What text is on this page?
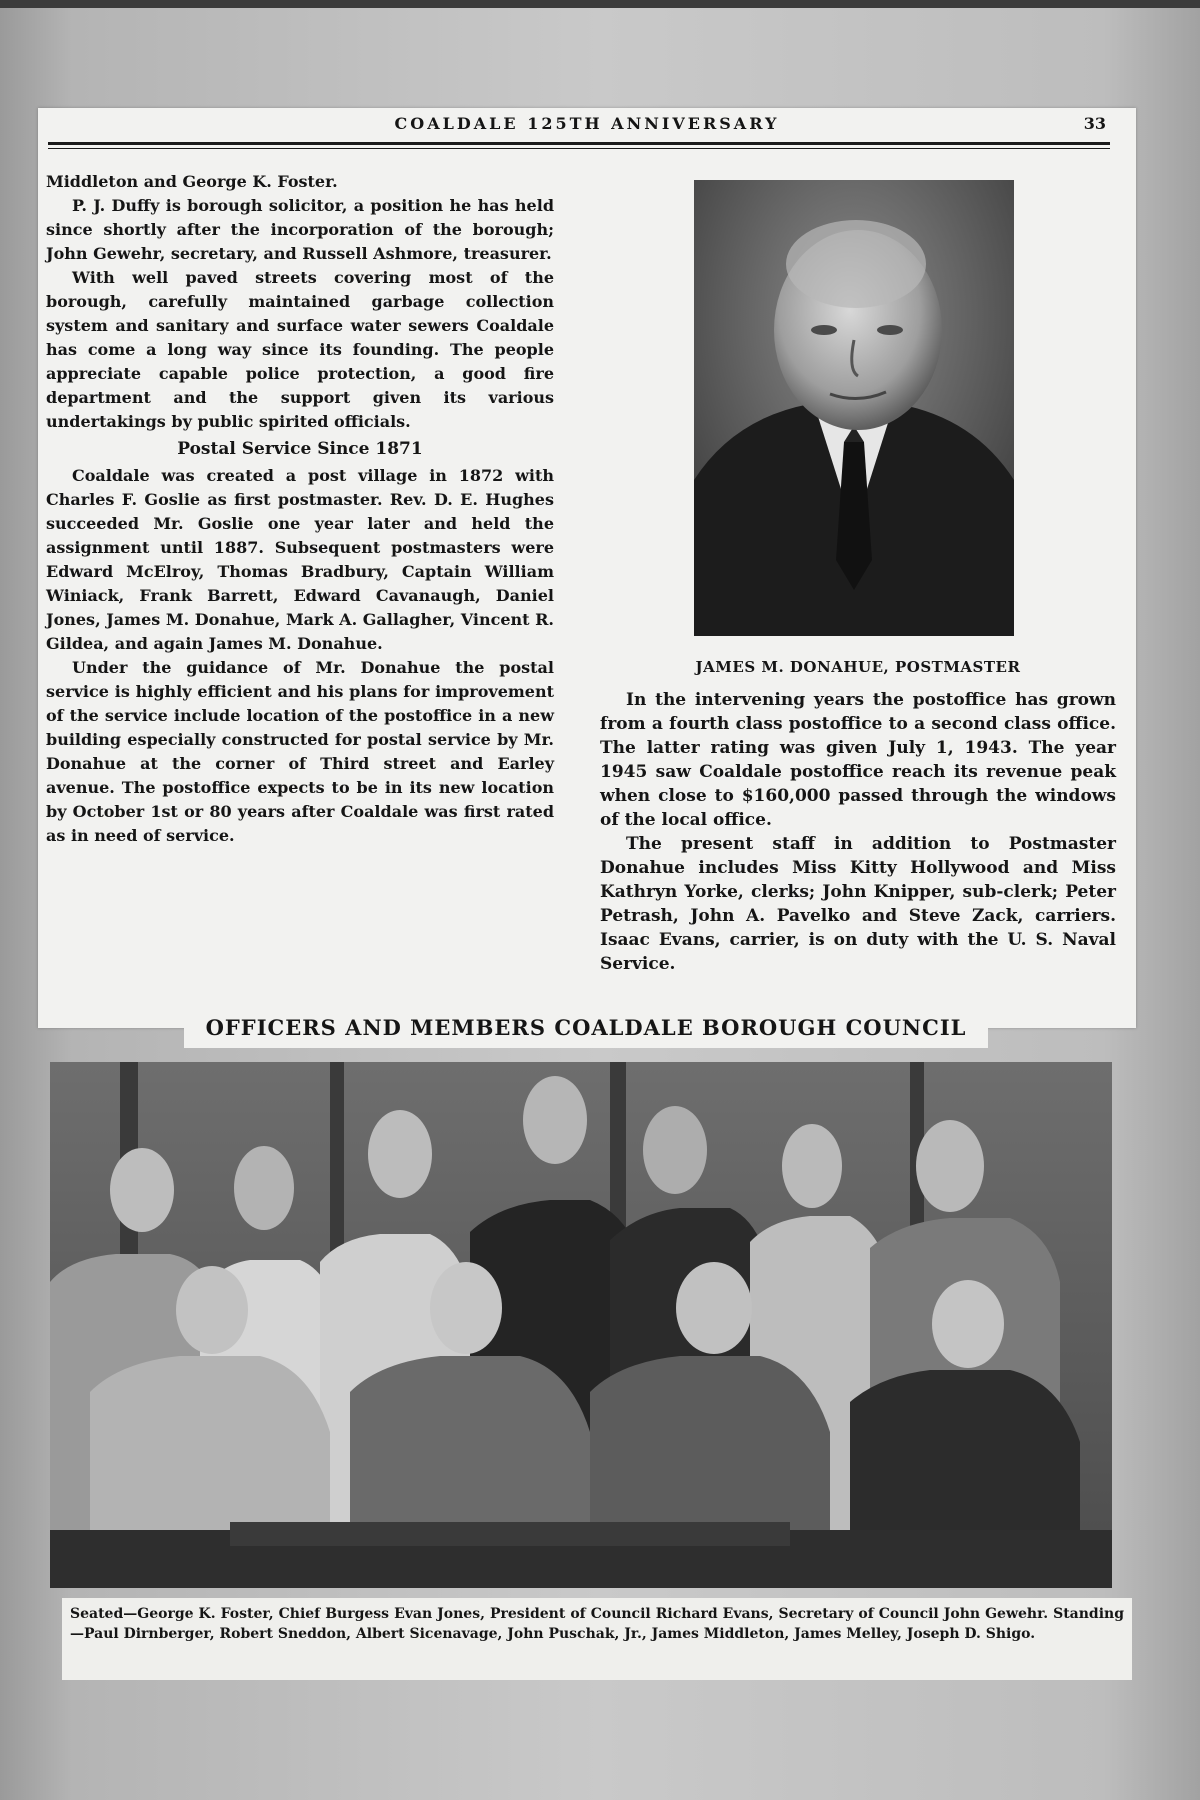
COALDALE 125TH ANNIVERSARY	33

Middleton and George K. Foster.

P. J. Duffy is borough solicitor, a position he has held since shortly after the incorporation of the borough; John Gewehr, secretary, and Russell Ashmore, treasurer.

With well paved streets covering most of the borough, carefully maintained garbage collection system and sanitary and surface water sewers Coaldale has come a long way since its founding. The people appreciate capable police protection, a good fire department and the support given its various undertakings by public spirited officials.

Postal Service Since 1871

Coaldale was created a post village in 1872 with Charles F. Goslie as first postmaster. Rev. D. E. Hughes succeeded Mr. Goslie one year later and held the assignment until 1887. Subsequent postmasters were Edward McElroy, Thomas Bradbury, Captain William Winiack, Frank Barrett, Edward Cavanaugh, Daniel Jones, James M. Donahue, Mark A. Gallagher, Vincent R. Gildea, and again James M. Donahue.

Under the guidance of Mr. Donahue the postal service is highly efficient and his plans for improvement of the service include location of the postoffice in a new building especially constructed for postal service by Mr. Donahue at the corner of Third street and Earley avenue. The postoffice expects to be in its new location by October 1st or 80 years after Coaldale was first rated as in need of service.

JAMES M. DONAHUE, POSTMASTER

In the intervening years the postoffice has grown from a fourth class postoffice to a second class office. The latter rating was given July 1, 1943. The year 1945 saw Coaldale postoffice reach its revenue peak when close to $160,000 passed through the windows of the local office.

The present staff in addition to Postmaster Donahue includes Miss Kitty Hollywood and Miss Kathryn Yorke, clerks; John Knipper, sub-clerk; Peter Petrash, John A. Pavelko and Steve Zack, carriers. Isaac Evans, carrier, is on duty with the U. S. Naval Service.

OFFICERS AND MEMBERS COALDALE BOROUGH COUNCIL
Seated—George K. Foster, Chief Burgess Evan Jones, President of Council Richard Evans, Secretary of Council John Gewehr. Standing—Paul Dirnberger, Robert Sneddon, Albert Sicenavage, John Puschak, Jr., James Middleton, James Melley, Joseph D. Shigo.
